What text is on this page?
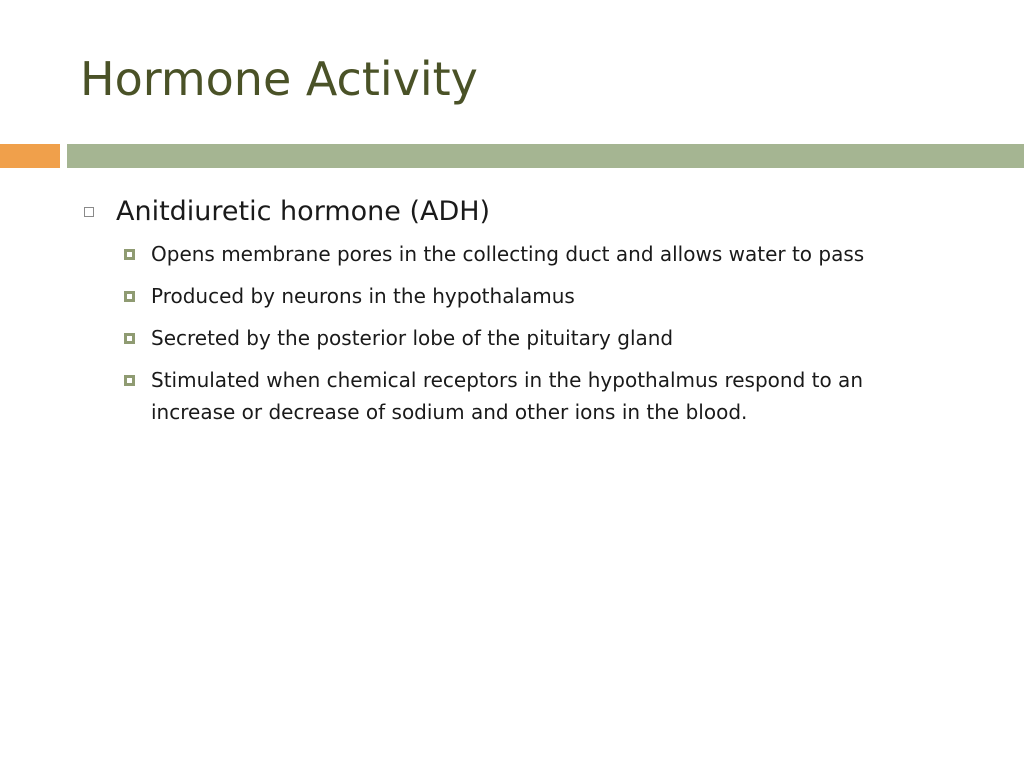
Hormone Activity
Anitdiuretic hormone (ADH)
Opens membrane pores in the collecting duct and allows water to pass
Produced by neurons in the hypothalamus
Secreted by the posterior lobe of the pituitary gland
Stimulated when chemical receptors in the hypothalmus respond to an increase or decrease of sodium and other ions in the blood.
